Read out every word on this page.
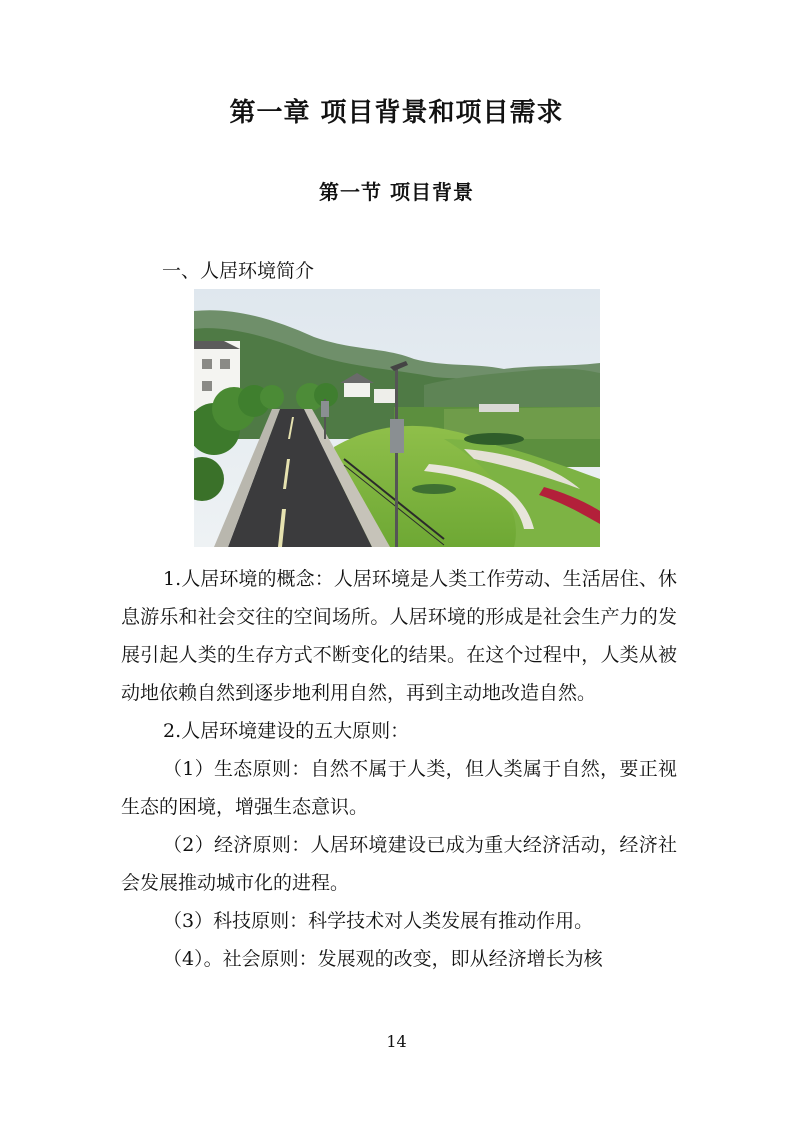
第一章 项目背景和项目需求
第一节 项目背景
一、人居环境简介

1.人居环境的概念：人居环境是人类工作劳动、生活居住、休息游乐和社会交往的空间场所。人居环境的形成是社会生产力的发展引起人类的生存方式不断变化的结果。在这个过程中，人类从被动地依赖自然到逐步地利用自然，再到主动地改造自然。

2.人居环境建设的五大原则：

（1）生态原则：自然不属于人类，但人类属于自然，要正视生态的困境，增强生态意识。

（2）经济原则：人居环境建设已成为重大经济活动，经济社会发展推动城市化的进程。

（3）科技原则：科学技术对人类发展有推动作用。

（4）。社会原则：发展观的改变，即从经济增长为核

14
